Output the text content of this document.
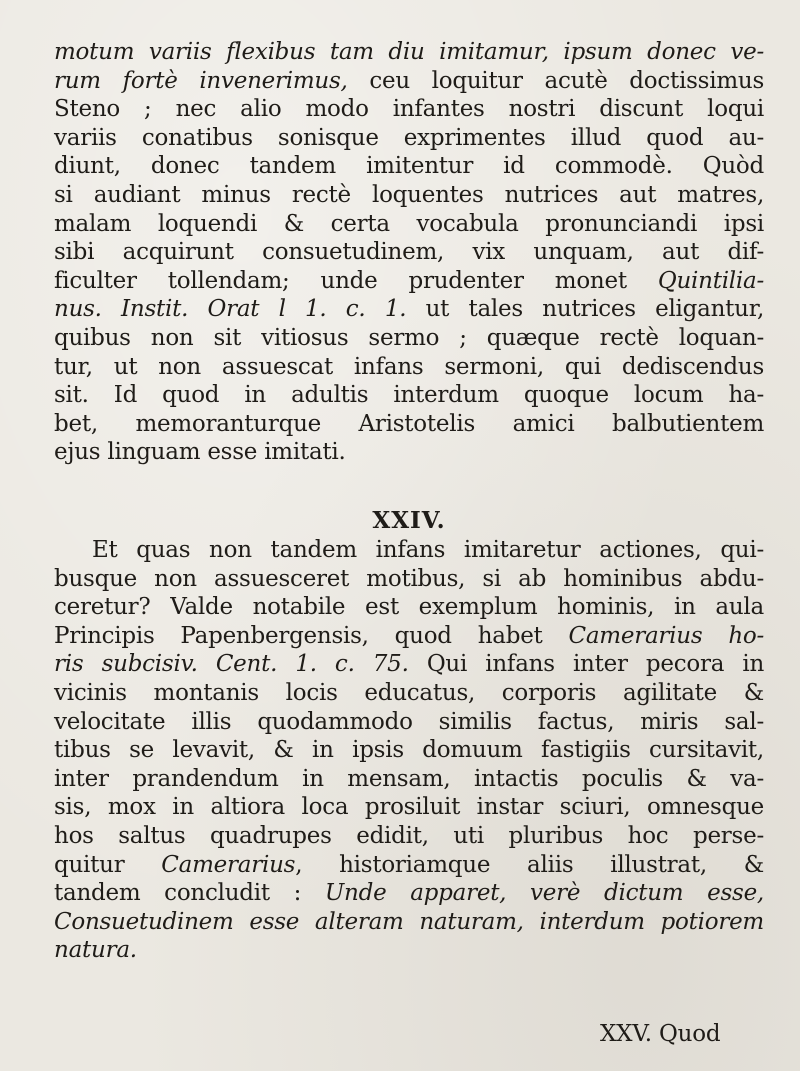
motum variis flexibus tam diu imitamur, ipsum donec ve-
rum fortè invenerimus, ceu loquitur acutè doctissimus
Steno ; nec alio modo infantes nostri discunt loqui
variis conatibus sonisque exprimentes illud quod au-
diunt, donec tandem imitentur id commodè. Quòd
si audiant minus rectè loquentes nutrices aut matres,
malam loquendi & certa vocabula pronunciandi ipsi
sibi acquirunt consuetudinem, vix unquam, aut dif-
ficulter tollendam; unde prudenter monet Quintilia-
nus. Instit. Orat l 1. c. 1. ut tales nutrices eligantur,
quibus non sit vitiosus sermo ; quæque rectè loquan-
tur, ut non assuescat infans sermoni, qui dediscendus
sit. Id quod in adultis interdum quoque locum ha-
bet, memoranturque Aristotelis amici balbutientem
ejus linguam esse imitati.
XXIV.
Et quas non tandem infans imitaretur actiones, qui-
busque non assuesceret motibus, si ab hominibus abdu-
ceretur? Valde notabile est exemplum hominis, in aula
Principis Papenbergensis, quod habet Camerarius ho-
ris subcisiv. Cent. 1. c. 75. Qui infans inter pecora in
vicinis montanis locis educatus, corporis agilitate &
velocitate illis quodammodo similis factus, miris sal-
tibus se levavit, & in ipsis domuum fastigiis cursitavit,
inter prandendum in mensam, intactis poculis & va-
sis, mox in altiora loca prosiluit instar sciuri, omnesque
hos saltus quadrupes edidit, uti pluribus hoc perse-
quitur Camerarius, historiamque aliis illustrat, &
tandem concludit : Unde apparet, verè dictum esse,
Consuetudinem esse alteram naturam, interdum potiorem
natura.
XXV. Quod
